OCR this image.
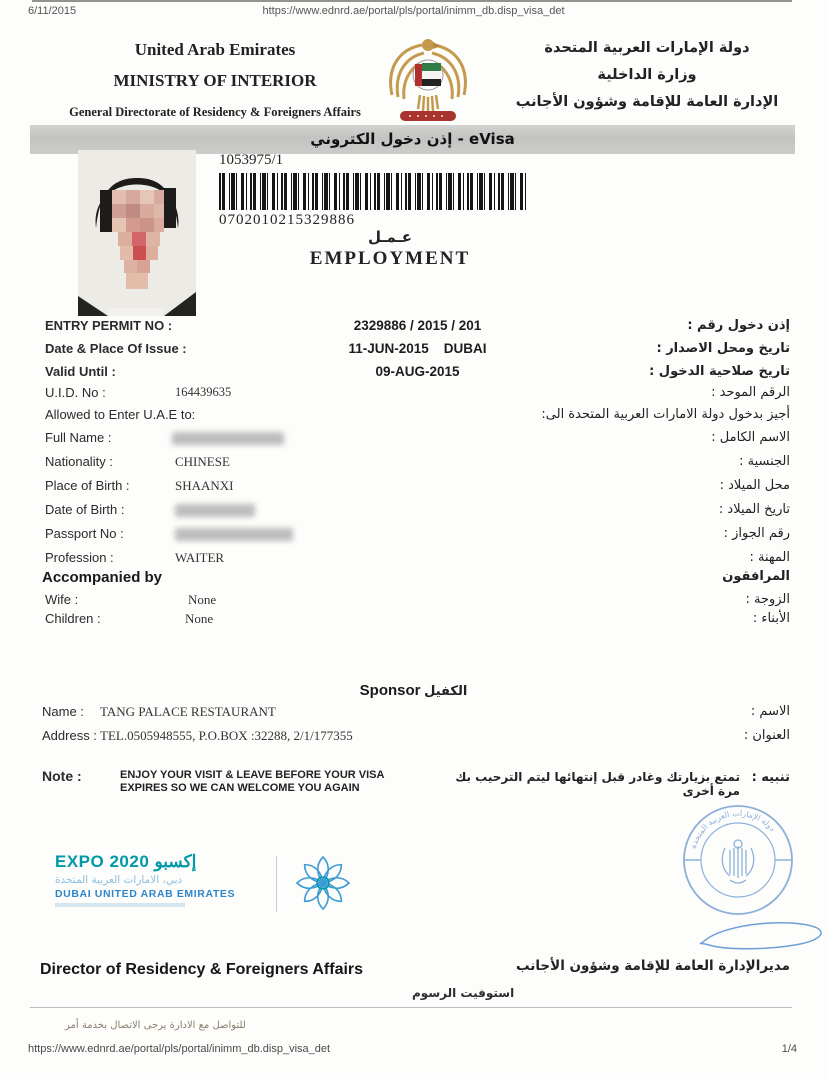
6/11/2015	https://www.ednrd.ae/portal/pls/portal/inimm_db.disp_visa_det
United Arab Emirates
MINISTRY OF INTERIOR
General Directorate of Residency & Foreigners Affairs
دولة الإمارات العربية المتحدة
وزارة الداخلية
الإدارة العامة للإقامة وشؤون الأجانب
إذن دخول الكتروني - eVisa
1053975/1
0702010215329886
عـمـل
EMPLOYMENT
ENTRY PERMIT NO :	2329886 / 2015 / 201	إذن دخول رقم :
Date & Place Of Issue :	11-JUN-2015    DUBAI	تاريخ ومحل الاصدار :
Valid Until :	09-AUG-2015	تاريخ صلاحية الدخول :
U.I.D. No :	164439635	الرقم الموحد :
Allowed to Enter U.A.E to:	أجيز بدخول دولة الامارات العربية المتحدة الى:
Full Name :	الاسم الكامل :
Nationality :	CHINESE	الجنسية :
Place of Birth :	SHAANXI	محل الميلاد :
Date of Birth :	تاريخ الميلاد :
Passport No :	رقم الجواز :
Profession :	WAITER	المهنة :
Accompanied by	المرافقون
Wife :	None	الزوجة :
Children :	None	الأبناء :
Sponsor الكفيل
Name : TANG PALACE RESTAURANT	الاسم :
Address : TEL.0505948555, P.O.BOX :32288, 2/1/177355	العنوان :
Note :	ENJOY YOUR VISIT & LEAVE BEFORE YOUR VISA
EXPIRES SO WE CAN WELCOME YOU AGAIN
تمتع بزيارتك وغادر قبل إنتهائها ليتم الترحيب بك مرة أخرى
تنبيه :
EXPO 2020 إكسبو
دبي، الامارات العربية المتحدة
DUBAI UNITED ARAB EMIRATES
دولة الإمارات العربية المتحدة
Director of Residency & Foreigners Affairs	مديرالإدارة العامة للإقامة وشؤون الأجانب
استوفيت الرسوم
للتواصل مع الادارة يرجى الاتصال بخدمة أمر
https://www.ednrd.ae/portal/pls/portal/inimm_db.disp_visa_det	1/4
